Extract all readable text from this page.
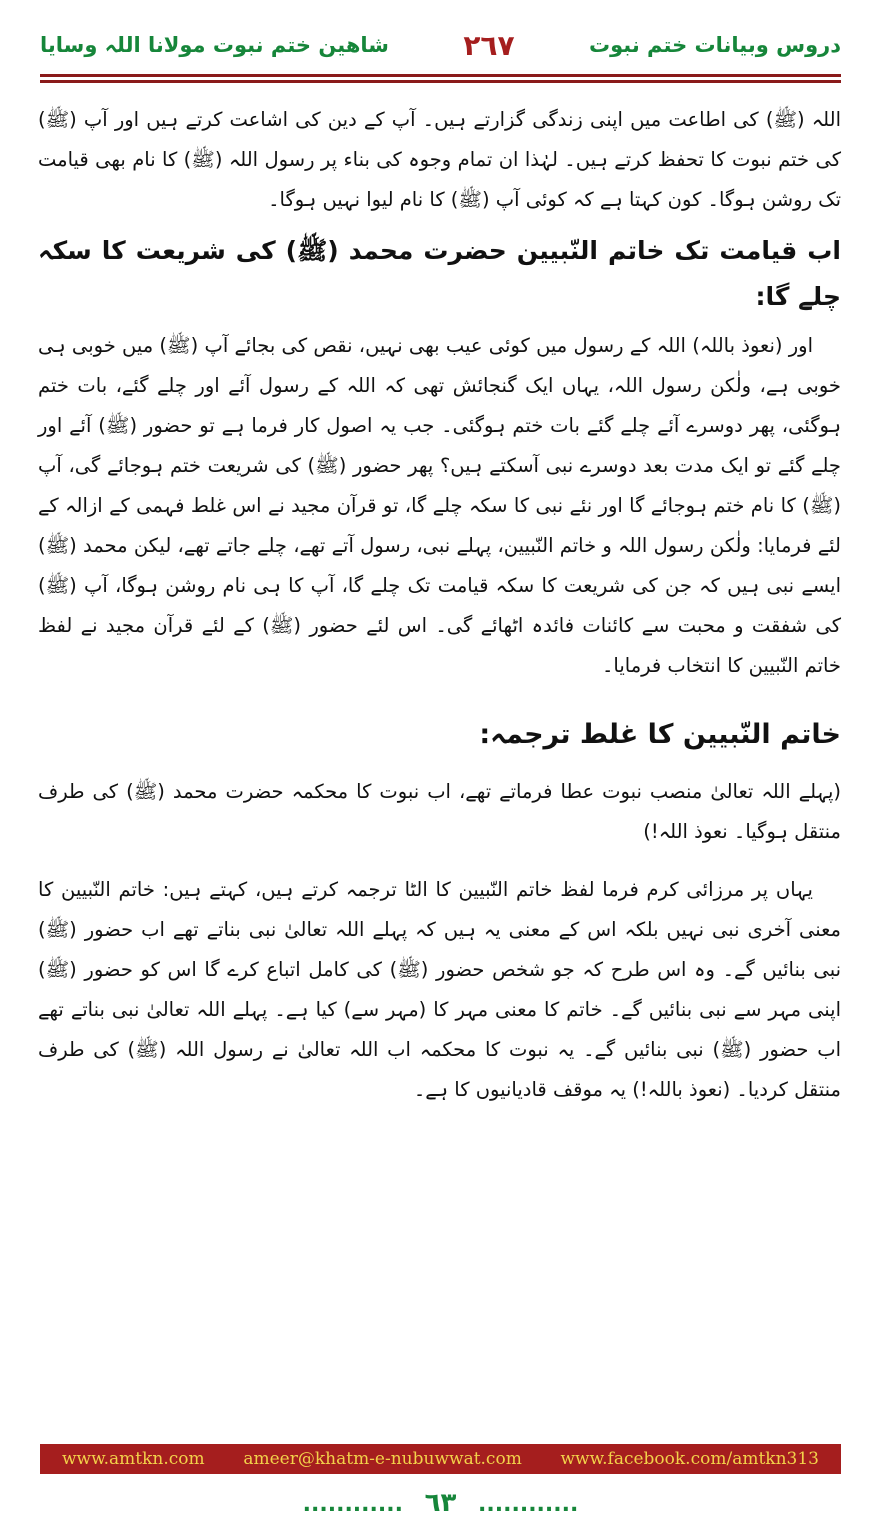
دروس وبیانات ختم نبوت
۲٦۷
شاھین ختم نبوت مولانا اللہ وسایا

اللہ (ﷺ) کی اطاعت میں اپنی زندگی گزارتے ہیں۔ آپ کے دین کی اشاعت کرتے ہیں اور آپ (ﷺ) کی ختم نبوت کا تحفظ کرتے ہیں۔ لہٰذا ان تمام وجوہ کی بناء پر رسول اللہ (ﷺ) کا نام بھی قیامت تک روشن ہوگا۔ کون کہتا ہے کہ کوئی آپ (ﷺ) کا نام لیوا نہیں ہوگا۔

اب قیامت تک خاتم النّبیین حضرت محمد (ﷺ) کی شریعت کا سکہ چلے گا:

اور (نعوذ باللہ) اللہ کے رسول میں کوئی عیب بھی نہیں، نقص کی بجائے آپ (ﷺ) میں خوبی ہی خوبی ہے، ولٰکن رسول اللہ، یہاں ایک گنجائش تھی کہ اللہ کے رسول آئے اور چلے گئے، بات ختم ہوگئی، پھر دوسرے آئے چلے گئے بات ختم ہوگئی۔ جب یہ اصول کار فرما ہے تو حضور (ﷺ) آئے اور چلے گئے تو ایک مدت بعد دوسرے نبی آسکتے ہیں؟ پھر حضور (ﷺ) کی شریعت ختم ہوجائے گی، آپ (ﷺ) کا نام ختم ہوجائے گا اور نئے نبی کا سکہ چلے گا، تو قرآن مجید نے اس غلط فہمی کے ازالہ کے لئے فرمایا: ولٰکن رسول اللہ و خاتم النّبیین، پہلے نبی، رسول آتے تھے، چلے جاتے تھے، لیکن محمد (ﷺ) ایسے نبی ہیں کہ جن کی شریعت کا سکہ قیامت تک چلے گا، آپ کا ہی نام روشن ہوگا، آپ (ﷺ) کی شفقت و محبت سے کائنات فائدہ اٹھائے گی۔ اس لئے حضور (ﷺ) کے لئے قرآن مجید نے لفظ خاتم النّبیین کا انتخاب فرمایا۔

خاتم النّبیین کا غلط ترجمہ:

(پہلے اللہ تعالیٰ منصب نبوت عطا فرماتے تھے، اب نبوت کا محکمہ حضرت محمد (ﷺ) کی طرف منتقل ہوگیا۔ نعوذ اللہ!)

یہاں پر مرزائی کرم فرما لفظ خاتم النّبیین کا الٹا ترجمہ کرتے ہیں، کہتے ہیں: خاتم النّبیین کا معنی آخری نبی نہیں بلکہ اس کے معنی یہ ہیں کہ پہلے اللہ تعالیٰ نبی بناتے تھے اب حضور (ﷺ) نبی بنائیں گے۔ وہ اس طرح کہ جو شخص حضور (ﷺ) کی کامل اتباع کرے گا اس کو حضور (ﷺ) اپنی مہر سے نبی بنائیں گے۔ خاتم کا معنی مہر کا (مہر سے) کیا ہے۔ پہلے اللہ تعالیٰ نبی بناتے تھے اب حضور (ﷺ) نبی بنائیں گے۔ یہ نبوت کا محکمہ اب اللہ تعالیٰ نے رسول اللہ (ﷺ) کی طرف منتقل کردیا۔ (نعوذ باللہ!) یہ موقف قادیانیوں کا ہے۔

www.amtkn.com ameer@khatm-e-nubuwwat.com www.facebook.com/amtkn313
............ ٦٣ ............
